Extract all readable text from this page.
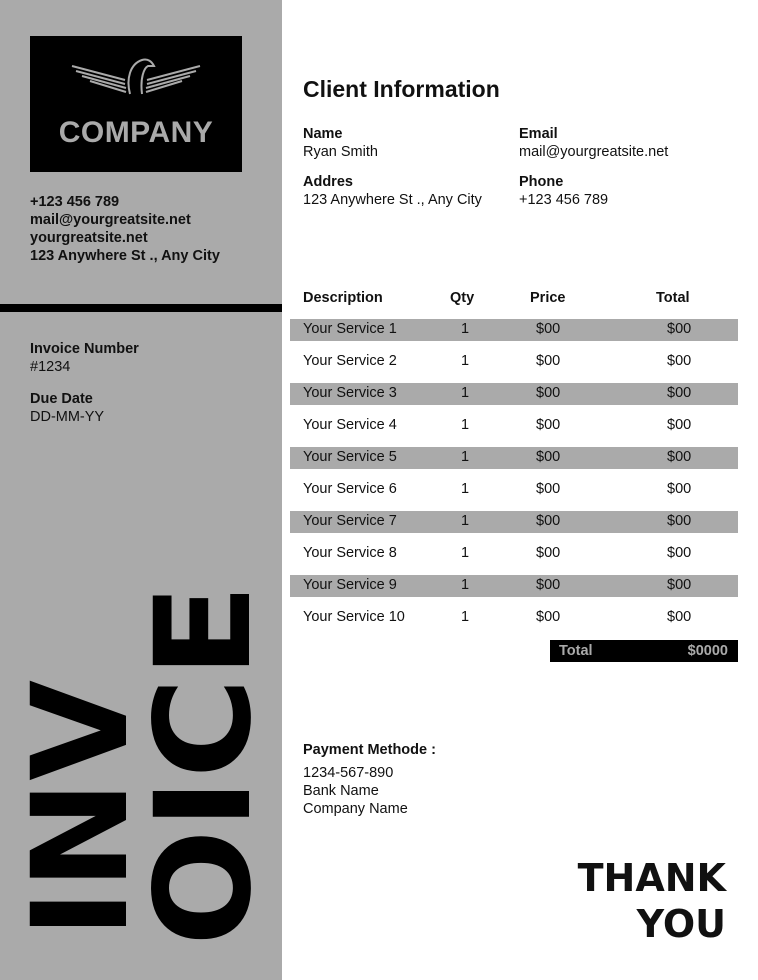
COMPANY
+123 456 789
mail@yourgreatsite.net
yourgreatsite.net
123 Anywhere St ., Any City
Invoice Number
#1234
Due Date
DD-MM-YY
INV
OICE
Client Information
Name
Ryan Smith
Email
mail@yourgreatsite.net
Addres
123 Anywhere St ., Any City
Phone
+123 456 789
Description	Qty	Price	Total
Your Service 1	1	$00	$00
Your Service 2	1	$00	$00
Your Service 3	1	$00	$00
Your Service 4	1	$00	$00
Your Service 5	1	$00	$00
Your Service 6	1	$00	$00
Your Service 7	1	$00	$00
Your Service 8	1	$00	$00
Your Service 9	1	$00	$00
Your Service 10	1	$00	$00
Total	$0000
Payment Methode :
1234-567-890
Bank Name
Company Name
THANK
YOU
